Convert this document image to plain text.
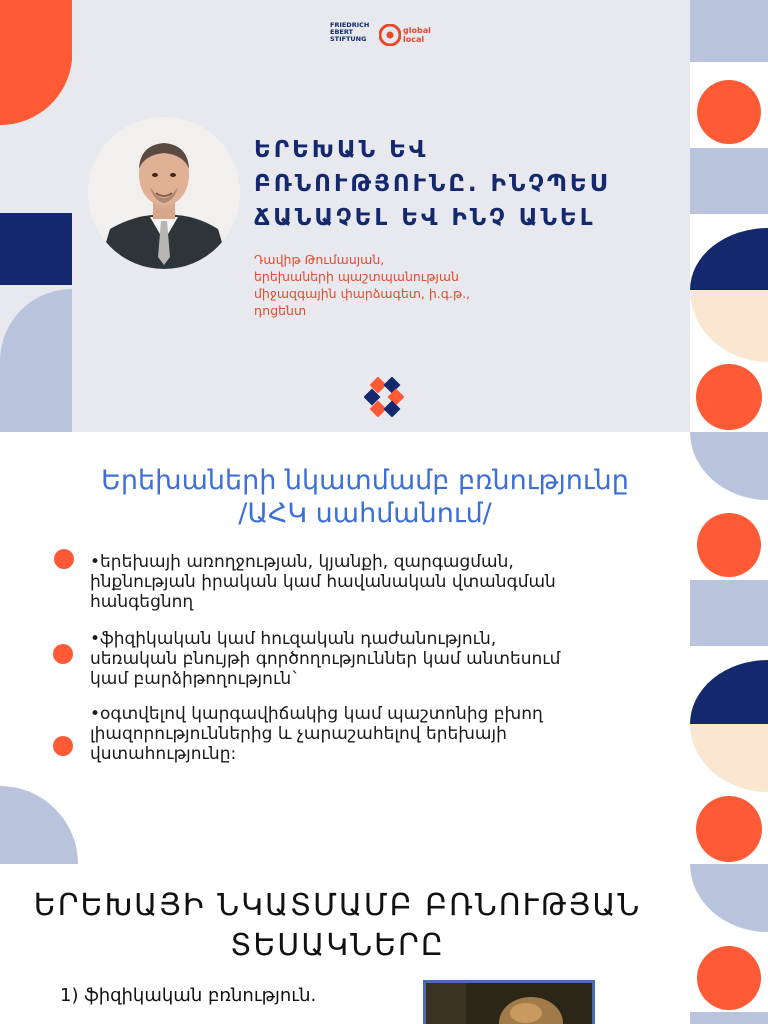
FRIEDRICH
EBERT
STIFTUNG
global
local
ԵՐԵԽԱՆ ԵՎ
ԲՌՆՈՒԹՅՈՒՆԸ. ԻՆՉՊԵՍ
ՃԱՆԱՉԵԼ ԵՎ ԻՆՉ ԱՆԵԼ
Դավիթ Թումասյան,
երեխաների պաշտպանության
միջազգային փարձագետ, ի.գ.թ.,
դոցենտ
Երեխաների նկատմամբ բռնությունը
/ԱՀԿ սահմանում/
•երեխայի առողջության, կյանքի, զարգացման,
ինքնության իրական կամ հավանական վտանգման
հանգեցնող
•ֆիզիկական կամ հուզական դաժանություն,
սեռական բնույթի գործողություններ կամ անտեսում
կամ բարձիթողություն`
•օգտվելով կարգավիճակից կամ պաշտոնից բխող
լիազորություններից և չարաշահելով երեխայի
վստահությունը:
ԵՐԵԽԱՅԻ ՆԿԱՏՄԱՄԲ ԲՌՆՈՒԹՅԱՆ
ՏԵՍԱԿՆԵՐԸ
1) ֆիզիկական բռնություն.
